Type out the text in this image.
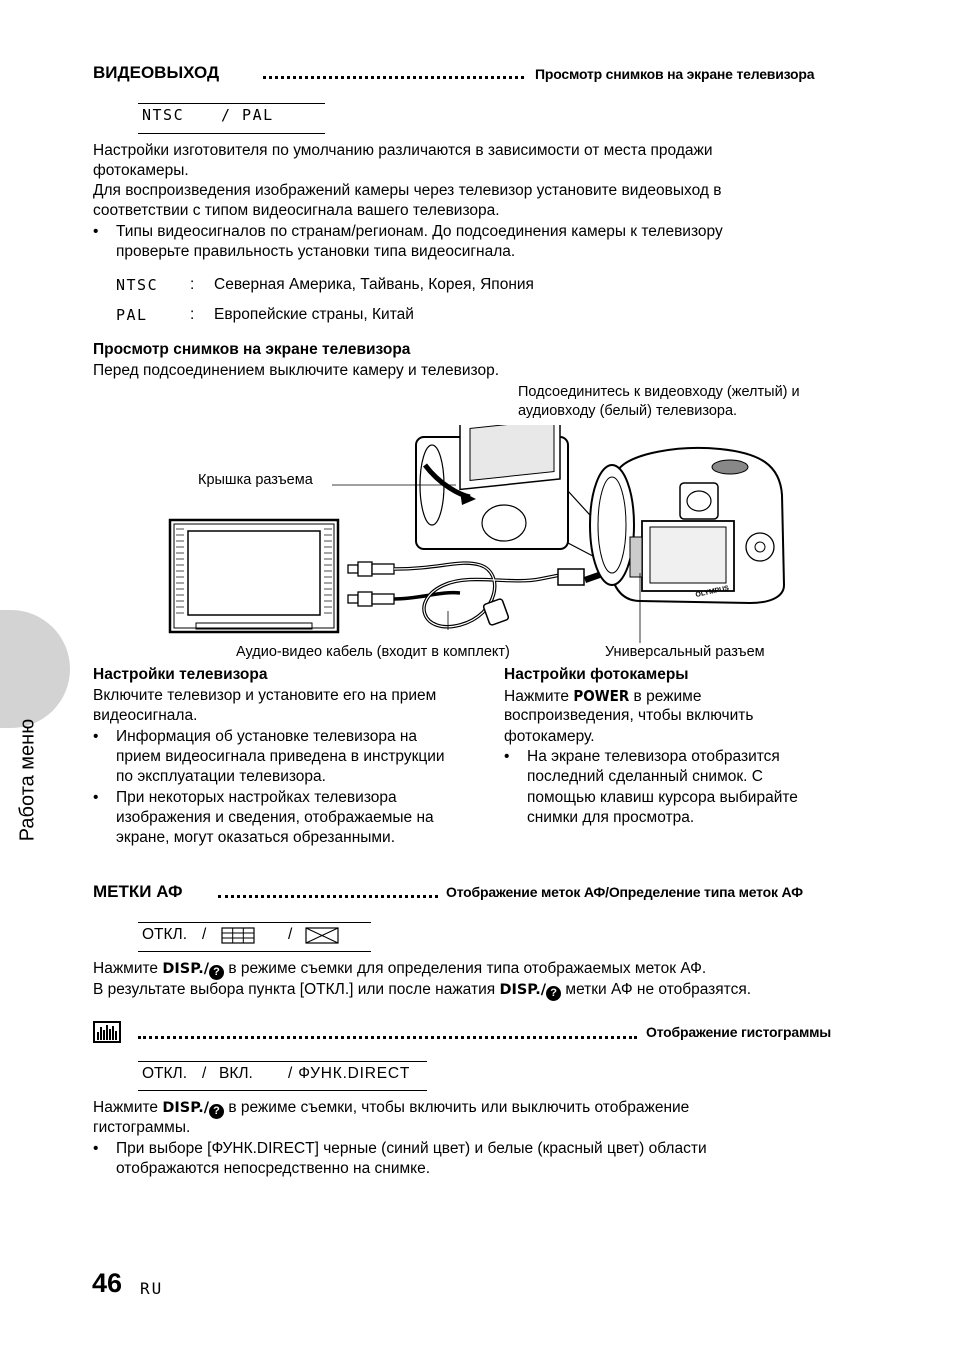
Работа меню
ВИДЕОВЫХОД	Просмотр снимков на экране телевизора
NTSC / PAL
Настройки изготовителя по умолчанию различаются в зависимости от места продажи
фотокамеры.
Для воспроизведения изображений камеры через телевизор установите видеовыход в
соответствии с типом видеосигнала вашего телевизора.
• Типы видеосигналов по странам/регионам. До подсоединения камеры к телевизору
проверьте правильность установки типа видеосигнала.
NTSC : Северная Америка, Тайвань, Корея, Япония
PAL	: Европейские страны, Китай
Просмотр снимков на экране телевизора
Перед подсоединением выключите камеру и телевизор.
Подсоединитесь к видеовходу (желтый) и
аудиовходу (белый) телевизора.
OLYMPUS
Крышка разъема
Аудио-видео кабель (входит в комплект)	Универсальный разъем
Настройки телевизора
Включите телевизор и установите его на прием
видеосигнала.
• Информация об установке телевизора на
прием видеосигнала приведена в инструкции
по эксплуатации телевизора.
• При некоторых настройках телевизора
изображения и сведения, отображаемые на
экране, могут оказаться обрезанными.
Настройки фотокамеры
Нажмите POWER в режиме
воспроизведения, чтобы включить
фотокамеру.
• На экране телевизора отобразится
последний сделанный снимок. С
помощью клавиш курсора выбирайте
снимки для просмотра.
МЕТКИ АФ	Отображение меток АФ/Определение типа меток АФ
ОТКЛ. /	/
Нажмите DISP./ ? в режиме съемки для определения типа отображаемых меток АФ.
В результате выбора пункта [ОТКЛ.] или после нажатия DISP./ ? метки АФ не отобразятся.
Отображение гистограммы
ОТКЛ. / ВКЛ. / ФУНК.DIRECT
Нажмите DISP./ ? в режиме съемки, чтобы включить или выключить отображение
гистограммы.
• При выборе [ФУНК.DIRECT] черные (синий цвет) и белые (красный цвет) области
отображаются непосредственно на снимке.
46 RU
